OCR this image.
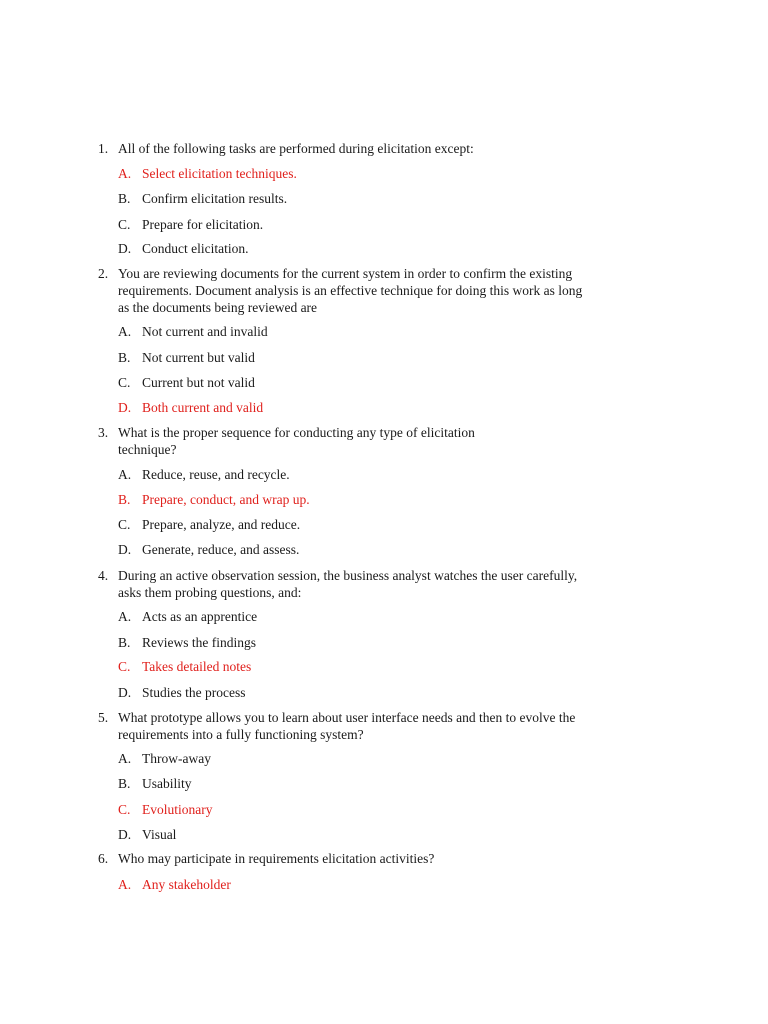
1. All of the following tasks are performed during elicitation except:
A. Select elicitation techniques.
B. Confirm elicitation results.
C. Prepare for elicitation.
D. Conduct elicitation.
2. You are reviewing documents for the current system in order to confirm the existing
requirements. Document analysis is an effective technique for doing this work as long
as the documents being reviewed are
A. Not current and invalid
B. Not current but valid
C. Current but not valid
D. Both current and valid
3. What is the proper sequence for conducting any type of elicitation
technique?
A. Reduce, reuse, and recycle.
B. Prepare, conduct, and wrap up.
C. Prepare, analyze, and reduce.
D. Generate, reduce, and assess.
4. During an active observation session, the business analyst watches the user carefully,
asks them probing questions, and:
A. Acts as an apprentice
B. Reviews the findings
C. Takes detailed notes
D. Studies the process
5. What prototype allows you to learn about user interface needs and then to evolve the
requirements into a fully functioning system?
A. Throw-away
B. Usability
C. Evolutionary
D. Visual
6. Who may participate in requirements elicitation activities?
A. Any stakeholder
